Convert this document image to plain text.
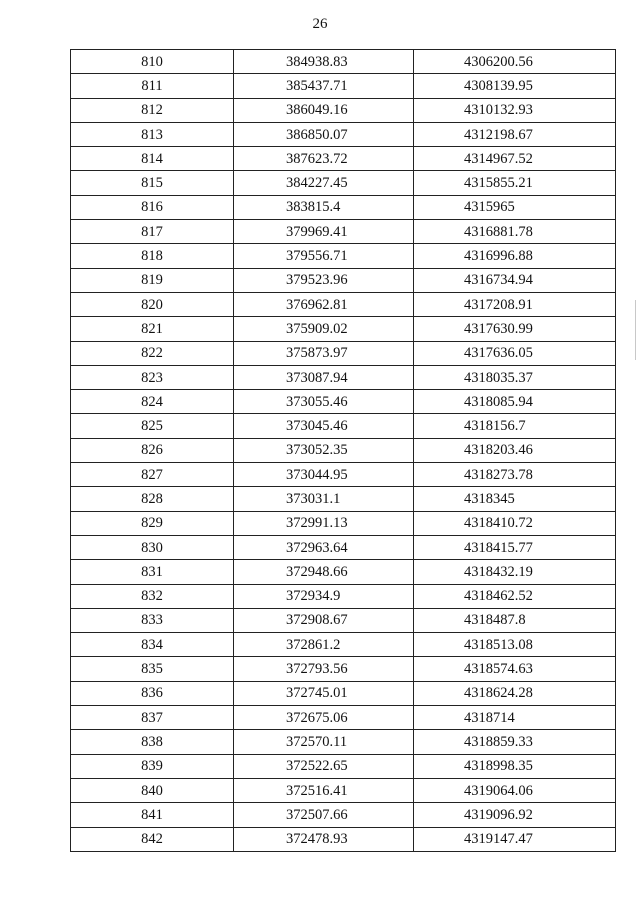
26
810	384938.83	4306200.56
811	385437.71	4308139.95
812	386049.16	4310132.93
813	386850.07	4312198.67
814	387623.72	4314967.52
815	384227.45	4315855.21
816	383815.4	4315965
817	379969.41	4316881.78
818	379556.71	4316996.88
819	379523.96	4316734.94
820	376962.81	4317208.91
821	375909.02	4317630.99
822	375873.97	4317636.05
823	373087.94	4318035.37
824	373055.46	4318085.94
825	373045.46	4318156.7
826	373052.35	4318203.46
827	373044.95	4318273.78
828	373031.1	4318345
829	372991.13	4318410.72
830	372963.64	4318415.77
831	372948.66	4318432.19
832	372934.9	4318462.52
833	372908.67	4318487.8
834	372861.2	4318513.08
835	372793.56	4318574.63
836	372745.01	4318624.28
837	372675.06	4318714
838	372570.11	4318859.33
839	372522.65	4318998.35
840	372516.41	4319064.06
841	372507.66	4319096.92
842	372478.93	4319147.47
